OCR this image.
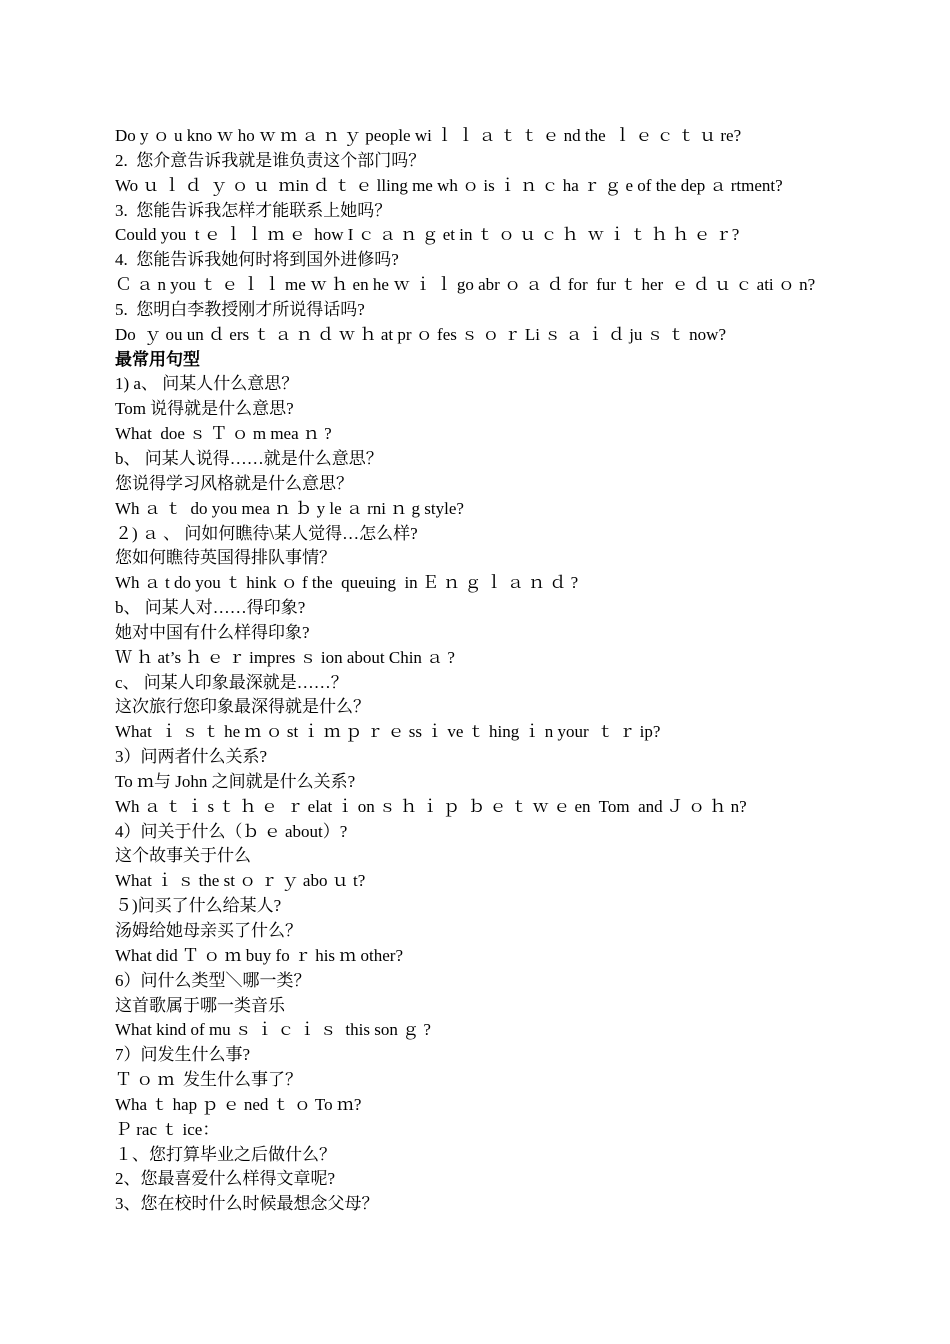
Do y ｏ u kno ｗ ho ｗ ｍ ａ ｎ ｙ people wi ｌ ｌ ａ ｔ ｔ ｅ nd the  ｌ ｅ ｃ ｔ ｕ re?
2.  您介意告诉我就是谁负责这个部门吗？
Wo ｕ ｌ ｄ  ｙ ｏ ｕ  ｍin ｄ ｔ ｅ lling me wh ｏ is ｉ ｎ ｃ ha ｒ ｇ e of the dep ａ rtment?
3.  您能告诉我怎样才能联系上她吗？
Could you  t ｅ ｌ ｌ ｍ ｅ  how I ｃ ａ ｎ ｇ et in ｔ ｏ ｕ ｃ ｈ  ｗ ｉ ｔ ｈ ｈ ｅ ｒ?
4.  您能告诉我她何时将到国外进修吗?
Ｃ ａ n you ｔ ｅ ｌ ｌ me ｗ ｈ en he ｗ ｉ ｌ go abr ｏ ａ ｄ for  fur ｔ her  ｅ ｄ ｕ ｃ ati ｏ n?
5.  您明白李教授刚才所说得话吗?
Do  ｙ ou un ｄ ers ｔ ａ ｎ ｄ ｗ ｈ at pr ｏ fes ｓ ｏ ｒ Li ｓ ａ ｉ ｄ ju ｓ ｔ now?
最常用句型
1) a、 问某人什么意思？
Tom 说得就是什么意思?
What  doe ｓ Ｔ ｏ m mea ｎ ?
b、 问某人说得……就是什么意思？
您说得学习风格就是什么意思？
Wh ａ ｔ  do you mea ｎ ｂ y le ａ rni ｎ g style?
２) ａ 、 问如何瞧待\某人觉得…怎么样?
您如何瞧待英国得排队事情？
Wh ａ t do you ｔ hink ｏ f the  queuing  in Ｅ ｎ ｇ ｌ ａ ｎ ｄ ?
b、 问某人对……得印象?
她对中国有什么样得印象?
Ｗ ｈ at’s ｈ ｅ ｒ impres ｓ ion about Chin ａ ?
c、 问某人印象最深就是……？
这次旅行您印象最深得就是什么？
What  ｉ ｓ ｔ he ｍ ｏ st ｉ ｍ ｐ ｒ ｅ ss ｉ ve ｔ hing ｉ n your  ｔ ｒ ip?
3）问两者什么关系?
To ｍ与 John 之间就是什么关系?
Wh ａ ｔ ｉ s ｔ ｈ ｅ  ｒ elat ｉ on ｓ ｈ ｉ ｐ  ｂ ｅ ｔ ｗ ｅ en  Tom  and Ｊ ｏ ｈ n?
4）问关于什么（ｂ ｅ about）?
这个故事关于什么
What ｉ ｓ the st ｏ ｒ ｙ abo ｕ t?
５)问买了什么给某人?
汤姆给她母亲买了什么？
What did Ｔ ｏ ｍ buy fo ｒ his ｍ other?
6）问什么类型＼哪一类？
这首歌属于哪一类音乐
What kind of mu ｓ ｉ ｃ ｉ ｓ  this son ｇ ?
7）问发生什么事?
Ｔ ｏ ｍ  发生什么事了？
Wha ｔ hap ｐ ｅ ned ｔ ｏ To ｍ?
Ｐ rac ｔ ice：
１、您打算毕业之后做什么？
2、您最喜爱什么样得文章呢?
3、您在校时什么时候最想念父母？
